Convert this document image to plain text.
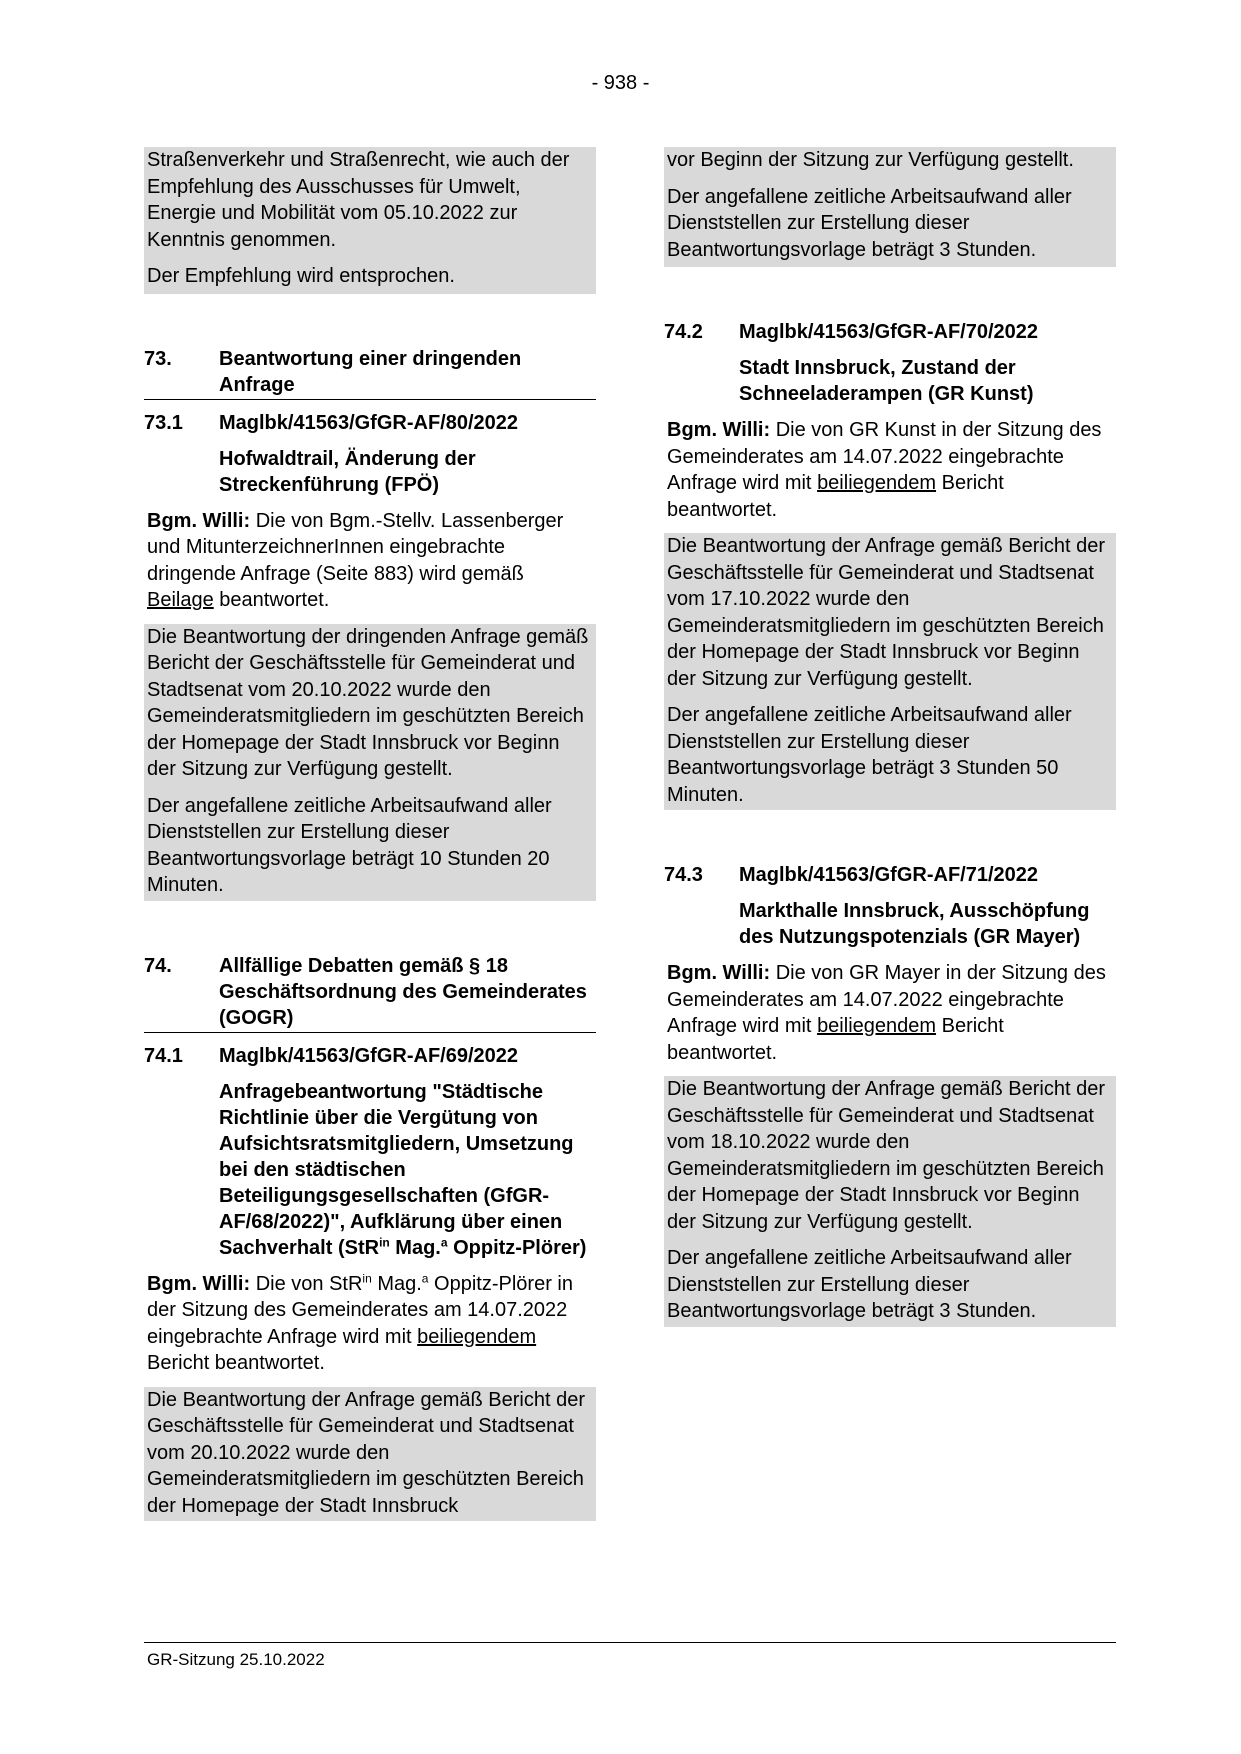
- 938 -

Straßenverkehr und Straßenrecht, wie auch der Empfehlung des Ausschusses für Umwelt, Energie und Mobilität vom 05.10.2022 zur Kenntnis genommen.

Der Empfehlung wird entsprochen.

73.	Beantwortung einer dringenden Anfrage
73.1	Maglbk/41563/GfGR-AF/80/2022
Hofwaldtrail, Änderung der Streckenführung (FPÖ)

Bgm. Willi: Die von Bgm.-Stellv. Lassenberger und MitunterzeichnerInnen eingebrachte dringende Anfrage (Seite 883) wird gemäß Beilage beantwortet.

Die Beantwortung der dringenden Anfrage gemäß Bericht der Geschäftsstelle für Gemeinderat und Stadtsenat vom 20.10.2022 wurde den Gemeinderatsmitgliedern im geschützten Bereich der Homepage der Stadt Innsbruck vor Beginn der Sitzung zur Verfügung gestellt.

Der angefallene zeitliche Arbeitsaufwand aller Dienststellen zur Erstellung dieser Beantwortungsvorlage beträgt 10 Stunden 20 Minuten.

74.	Allfällige Debatten gemäß § 18 Geschäftsordnung des Gemeinderates (GOGR)
74.1	Maglbk/41563/GfGR-AF/69/2022
Anfragebeantwortung "Städtische Richtlinie über die Vergütung von Aufsichtsratsmitgliedern, Umsetzung bei den städtischen Beteiligungsgesellschaften (GfGR-AF/68/2022)", Aufklärung über einen Sachverhalt (StR$^{in}$ Mag.$^a$ Oppitz-Plörer)

Bgm. Willi: Die von StR$^{in}$ Mag.$^a$ Oppitz-Plörer in der Sitzung des Gemeinderates am 14.07.2022 eingebrachte Anfrage wird mit beiliegendem Bericht beantwortet.

Die Beantwortung der Anfrage gemäß Bericht der Geschäftsstelle für Gemeinderat und Stadtsenat vom 20.10.2022 wurde den Gemeinderatsmitgliedern im geschützten Bereich der Homepage der Stadt Innsbruck

vor Beginn der Sitzung zur Verfügung gestellt.

Der angefallene zeitliche Arbeitsaufwand aller Dienststellen zur Erstellung dieser Beantwortungsvorlage beträgt 3 Stunden.

74.2	Maglbk/41563/GfGR-AF/70/2022
Stadt Innsbruck, Zustand der Schneeladerampen (GR Kunst)

Bgm. Willi: Die von GR Kunst in der Sitzung des Gemeinderates am 14.07.2022 eingebrachte Anfrage wird mit beiliegendem Bericht beantwortet.

Die Beantwortung der Anfrage gemäß Bericht der Geschäftsstelle für Gemeinderat und Stadtsenat vom 17.10.2022 wurde den Gemeinderatsmitgliedern im geschützten Bereich der Homepage der Stadt Innsbruck vor Beginn der Sitzung zur Verfügung gestellt.

Der angefallene zeitliche Arbeitsaufwand aller Dienststellen zur Erstellung dieser Beantwortungsvorlage beträgt 3 Stunden 50 Minuten.

74.3	Maglbk/41563/GfGR-AF/71/2022
Markthalle Innsbruck, Ausschöpfung des Nutzungspotenzials (GR Mayer)

Bgm. Willi: Die von GR Mayer in der Sitzung des Gemeinderates am 14.07.2022 eingebrachte Anfrage wird mit beiliegendem Bericht beantwortet.

Die Beantwortung der Anfrage gemäß Bericht der Geschäftsstelle für Gemeinderat und Stadtsenat vom 18.10.2022 wurde den Gemeinderatsmitgliedern im geschützten Bereich der Homepage der Stadt Innsbruck vor Beginn der Sitzung zur Verfügung gestellt.

Der angefallene zeitliche Arbeitsaufwand aller Dienststellen zur Erstellung dieser Beantwortungsvorlage beträgt 3 Stunden.

GR-Sitzung 25.10.2022
